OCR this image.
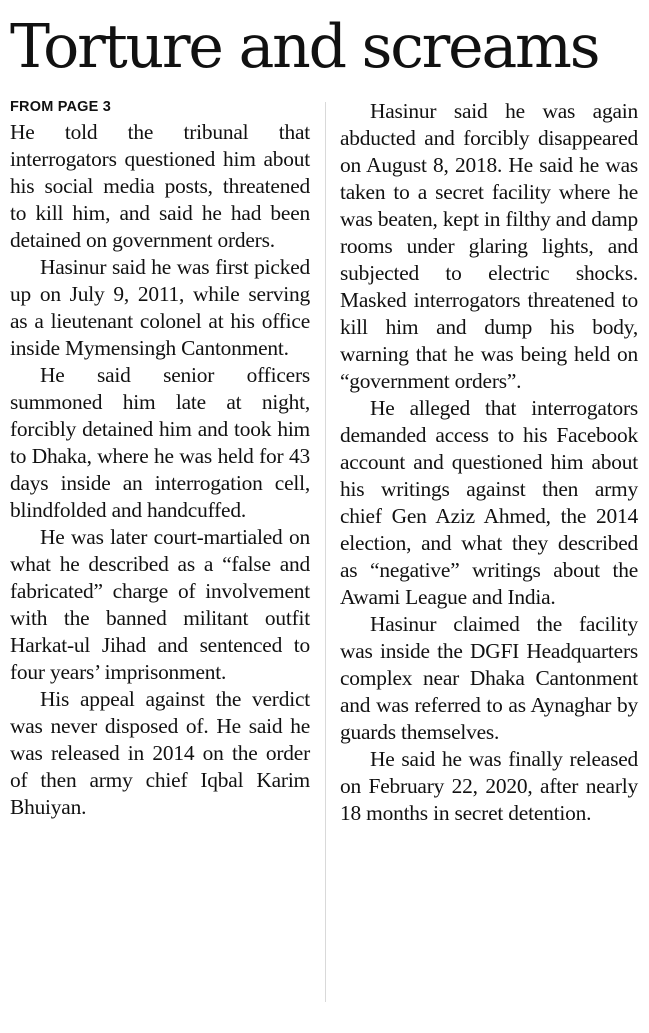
Torture and screams
FROM PAGE 3

He told the tribunal that interrogators questioned him about his social media posts, threatened to kill him, and said he had been detained on government orders.

Hasinur said he was first picked up on July 9, 2011, while serving as a lieutenant colonel at his office inside Mymensingh Cantonment.

He said senior officers summoned him late at night, forcibly detained him and took him to Dhaka, where he was held for 43 days inside an interrogation cell, blindfolded and handcuffed.

He was later court-martialed on what he described as a “false and fabricated” charge of involvement with the banned militant outfit Harkat-ul Jihad and sentenced to four years’ imprisonment.

His appeal against the verdict was never disposed of. He said he was released in 2014 on the order of then army chief Iqbal Karim Bhuiyan.

Hasinur said he was again abducted and forcibly disappeared on August 8, 2018. He said he was taken to a secret facility where he was beaten, kept in filthy and damp rooms under glaring lights, and subjected to electric shocks. Masked interrogators threatened to kill him and dump his body, warning that he was being held on “government orders”.

He alleged that interrogators demanded access to his Facebook account and questioned him about his writings against then army chief Gen Aziz Ahmed, the 2014 election, and what they described as “negative” writings about the Awami League and India.

Hasinur claimed the facility was inside the DGFI Headquarters complex near Dhaka Cantonment and was referred to as Aynaghar by guards themselves.

He said he was finally released on February 22, 2020, after nearly 18 months in secret detention.
